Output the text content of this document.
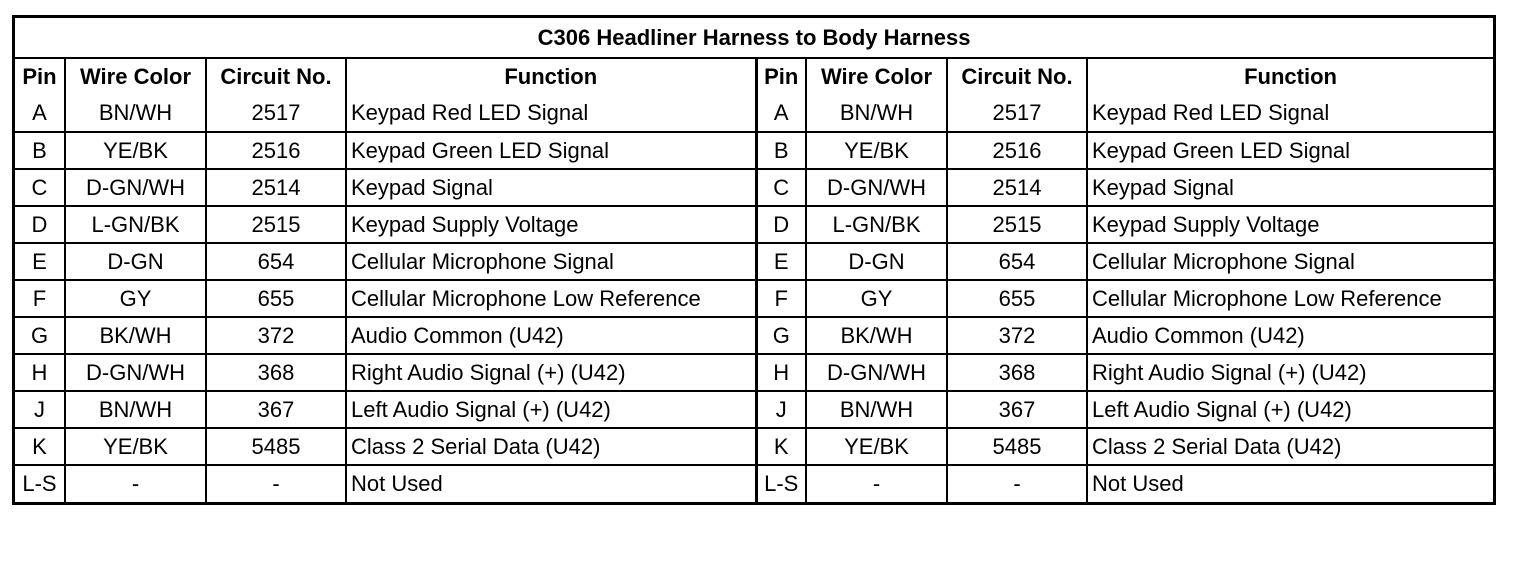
C306 Headliner Harness to Body Harness							
Pin	Wire Color	Circuit No.	Function	Pin	Wire Color	Circuit No.	Function
A	BN/WH	2517	Keypad Red LED Signal	A	BN/WH	2517	Keypad Red LED Signal
B	YE/BK	2516	Keypad Green LED Signal	B	YE/BK	2516	Keypad Green LED Signal
C	D-GN/WH	2514	Keypad Signal	C	D-GN/WH	2514	Keypad Signal
D	L-GN/BK	2515	Keypad Supply Voltage	D	L-GN/BK	2515	Keypad Supply Voltage
E	D-GN	654	Cellular Microphone Signal	E	D-GN	654	Cellular Microphone Signal
F	GY	655	Cellular Microphone Low Reference	F	GY	655	Cellular Microphone Low Reference
G	BK/WH	372	Audio Common (U42)	G	BK/WH	372	Audio Common (U42)
H	D-GN/WH	368	Right Audio Signal (+) (U42)	H	D-GN/WH	368	Right Audio Signal (+) (U42)
J	BN/WH	367	Left Audio Signal (+) (U42)	J	BN/WH	367	Left Audio Signal (+) (U42)
K	YE/BK	5485	Class 2 Serial Data (U42)	K	YE/BK	5485	Class 2 Serial Data (U42)
L-S	-	-	Not Used	L-S	-	-	Not Used
